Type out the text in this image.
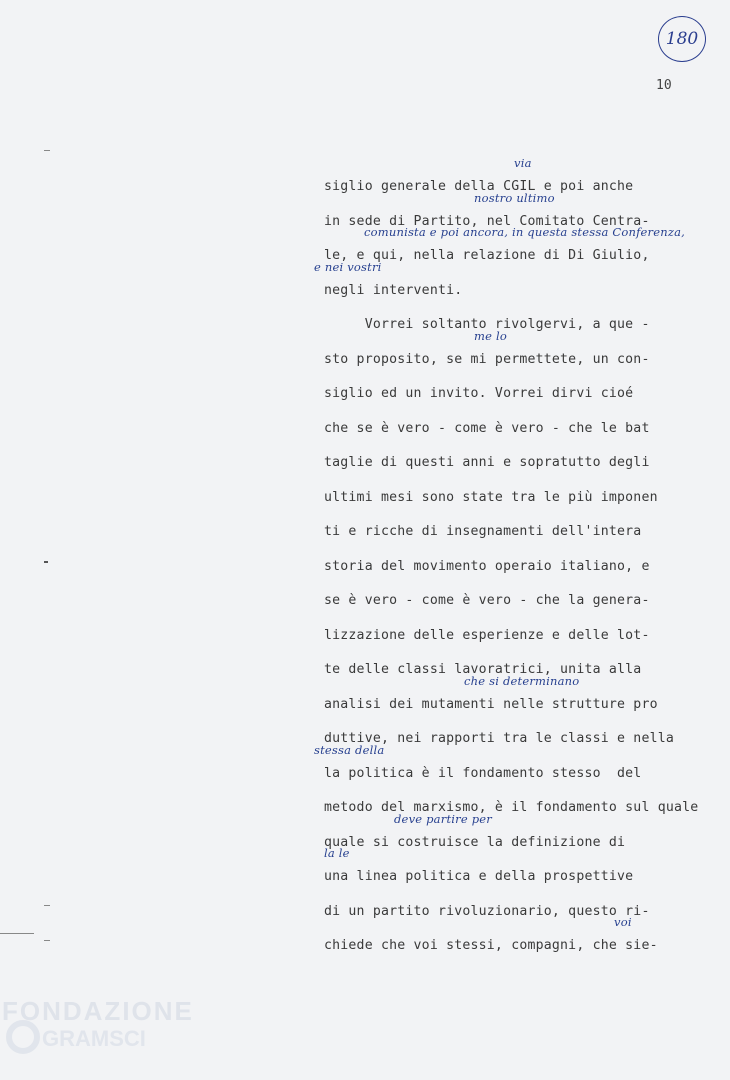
180
10
siglio generale della CGIL e poi anche
via
in sede di Partito, nel Comitato Centra-
nostro ultimo
le, e qui, nella relazione di Di Giulio,
comunista e poi ancora, in questa stessa Conferenza,
negli interventi.
e nei vostri
Vorrei soltanto rivolgervi, a que -
sto proposito, se mi permettete, un con-
me lo
siglio ed un invito. Vorrei dirvi cioé
che se è vero - come è vero - che le bat
taglie di questi anni e sopratutto degli
ultimi mesi sono state tra le più imponen
ti e ricche di insegnamenti dell'intera
storia del movimento operaio italiano, e
se è vero - come è vero - che la genera-
lizzazione delle esperienze e delle lot-
te delle classi lavoratrici, unita alla
analisi dei mutamenti nelle strutture pro
che si determinano
duttive, nei rapporti tra le classi e nella
la politica è il fondamento stesso  del
stessa della
metodo del marxismo, è il fondamento sul quale
quale si costruisce la definizione di
deve partire per
una linea politica e della prospettive
la le
di un partito rivoluzionario, questo ri-
chiede che voi stessi, compagni, che sie-
voi
FONDAZIONE
GRAMSCI
